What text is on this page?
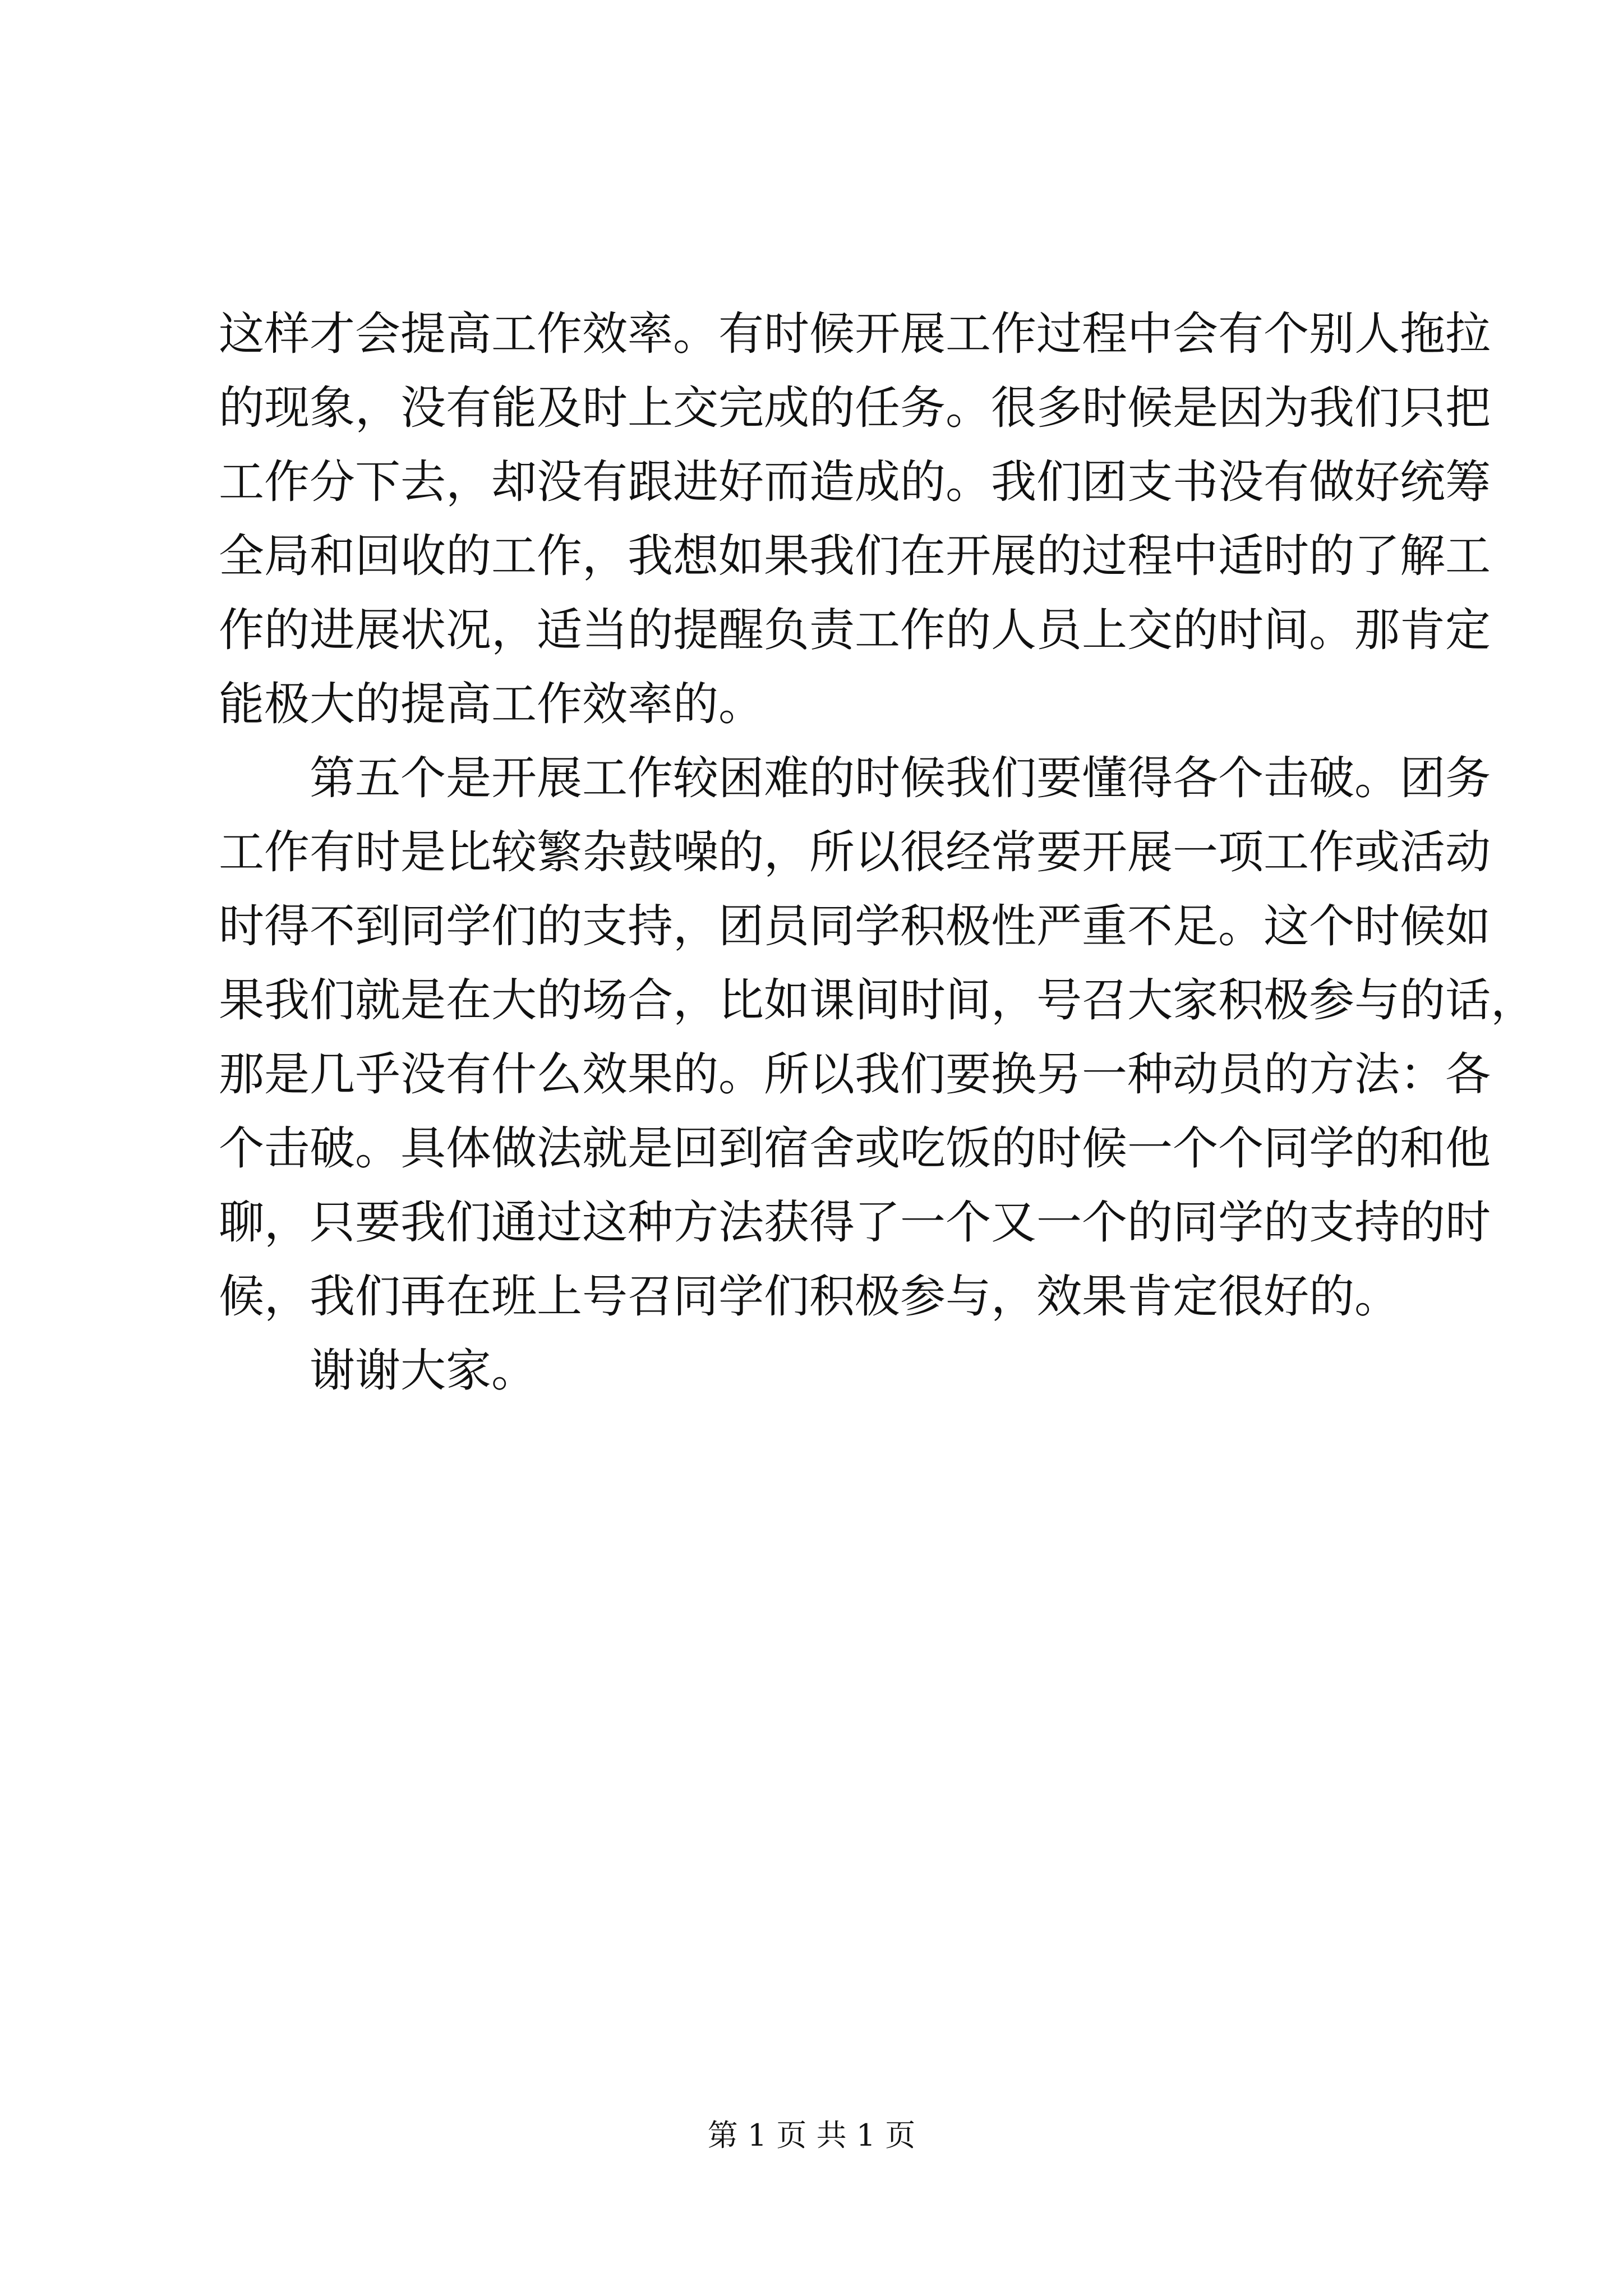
这样才会提高工作效率。有时候开展工作过程中会有个别人拖拉
的现象，没有能及时上交完成的任务。很多时候是因为我们只把
工作分下去，却没有跟进好而造成的。我们团支书没有做好统筹
全局和回收的工作，我想如果我们在开展的过程中适时的了解工
作的进展状况，适当的提醒负责工作的人员上交的时间。那肯定
能极大的提高工作效率的。
第五个是开展工作较困难的时候我们要懂得各个击破。团务
工作有时是比较繁杂鼓噪的，所以很经常要开展一项工作或活动
时得不到同学们的支持，团员同学积极性严重不足。这个时候如
果我们就是在大的场合，比如课间时间，号召大家积极参与的话，
那是几乎没有什么效果的。所以我们要换另一种动员的方法：各
个击破。具体做法就是回到宿舍或吃饭的时候一个个同学的和他
聊，只要我们通过这种方法获得了一个又一个的同学的支持的时
候，我们再在班上号召同学们积极参与，效果肯定很好的。
谢谢大家。
第 1 页 共 1 页
